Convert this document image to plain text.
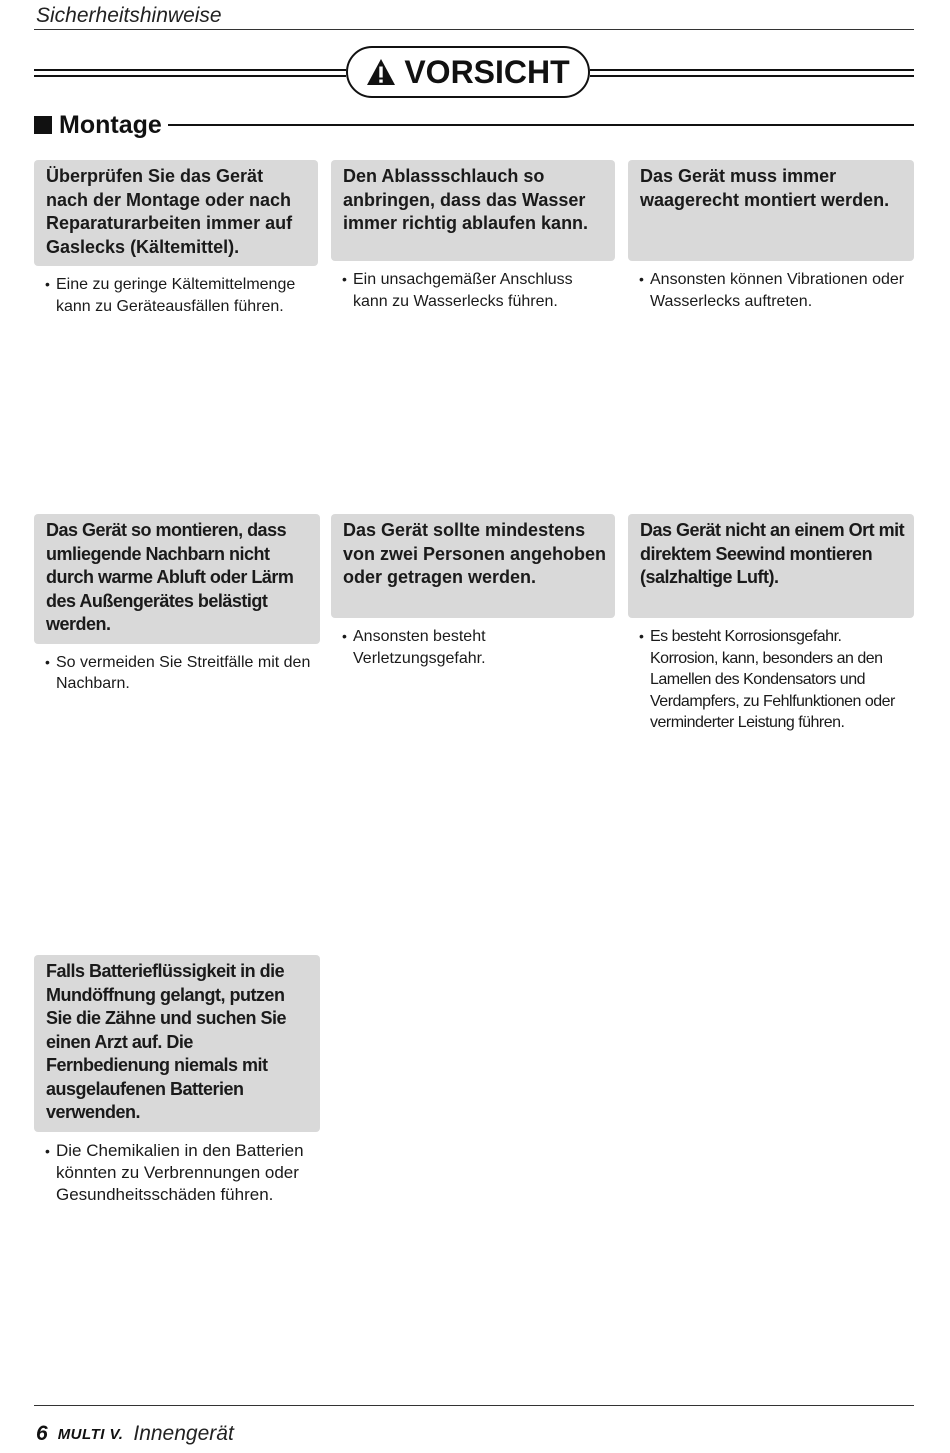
Sicherheitshinweise
VORSICHT
Montage
Überprüfen Sie das Gerät nach der Montage oder nach Reparaturarbeiten immer auf Gaslecks (Kältemittel).
• Eine zu geringe Kältemittelmenge kann zu Geräteausfällen führen.
Den Ablassschlauch so anbringen, dass das Wasser immer richtig ablaufen kann.
• Ein unsachgemäßer Anschluss kann zu Wasserlecks führen.
Das Gerät muss immer waagerecht montiert werden.
• Ansonsten können Vibrationen oder Wasserlecks auftreten.
Das Gerät so montieren, dass umliegende Nachbarn nicht durch warme Abluft oder Lärm des Außengerätes belästigt werden.
• So vermeiden Sie Streitfälle mit den Nachbarn.
Das Gerät sollte mindestens von zwei Personen angehoben oder getragen werden.
• Ansonsten besteht Verletzungsgefahr.
Das Gerät nicht an einem Ort mit direktem Seewind montieren (salzhaltige Luft).
• Es besteht Korrosionsgefahr. Korrosion, kann, besonders an den Lamellen des Kondensators und Verdampfers, zu Fehlfunktionen oder verminderter Leistung führen.
Falls Batterieflüssigkeit in die Mundöffnung gelangt, putzen Sie die Zähne und suchen Sie einen Arzt auf. Die Fernbedienung niemals mit ausgelaufenen Batterien verwenden.
• Die Chemikalien in den Batterien könnten zu Verbrennungen oder Gesundheitsschäden führen.
6 MULTI V. Innengerät
